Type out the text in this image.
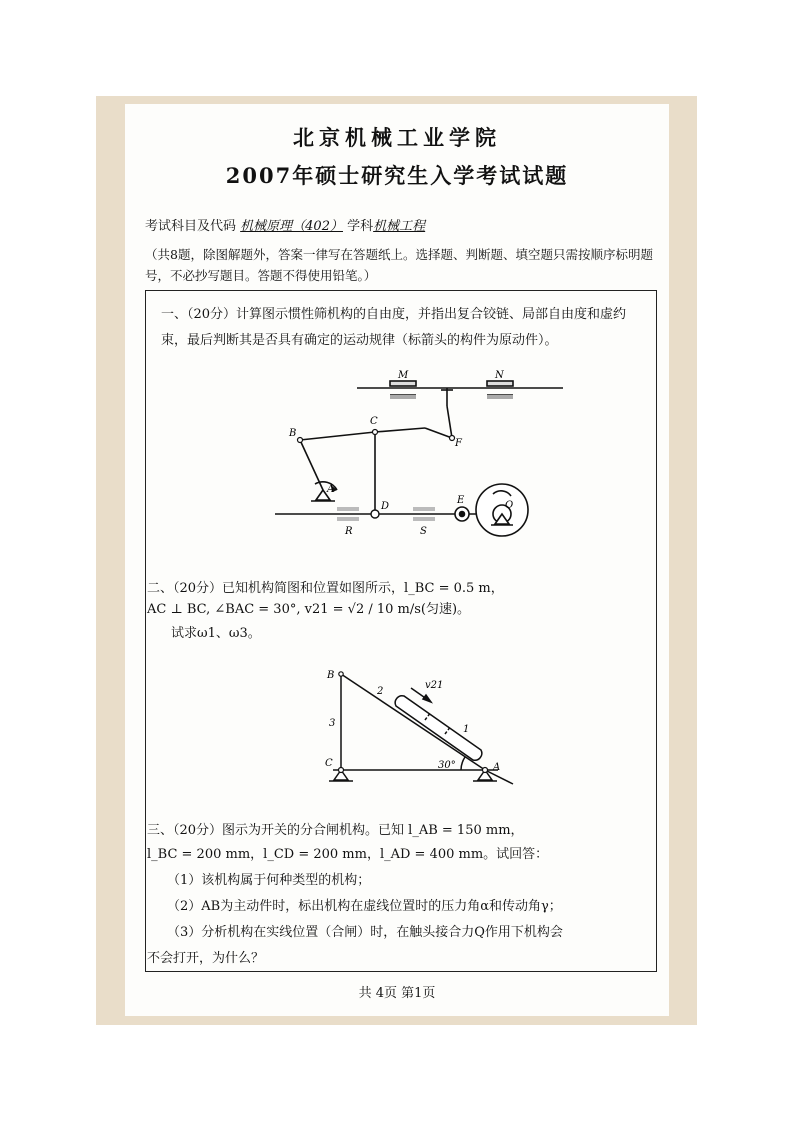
北京机械工业学院
2007年硕士研究生入学考试试题
考试科目及代码 机械原理（402） 学科机械工程
（共8题，除图解题外，答案一律写在答题纸上。选择题、判断题、填空题只需按顺序标明题号，不必抄写题目。答题不得使用铅笔。）
一、（20分）计算图示惯性筛机构的自由度，并指出复合铰链、局部自由度和虚约束，最后判断其是否具有确定的运动规律（标箭头的构件为原动件）。
M	N
C
B
F
A
D
E	O
R	S
二、（20分）已知机构简图和位置如图所示，l_BC = 0.5 m，
AC ⊥ BC, ∠BAC = 30°, v21 = √2 / 10 m/s(匀速)。
试求ω1、ω3。
B
2
v21
3
1
C	30°	A
三、（20分）图示为开关的分合闸机构。已知 l_AB = 150 mm，
l_BC = 200 mm，l_CD = 200 mm，l_AD = 400 mm。试回答：
（1）该机构属于何种类型的机构；
（2）AB为主动件时，标出机构在虚线位置时的压力角α和传动角γ；
（3）分析机构在实线位置（合闸）时，在触头接合力Q作用下机构会
不会打开，为什么？
共 4页 第1页
